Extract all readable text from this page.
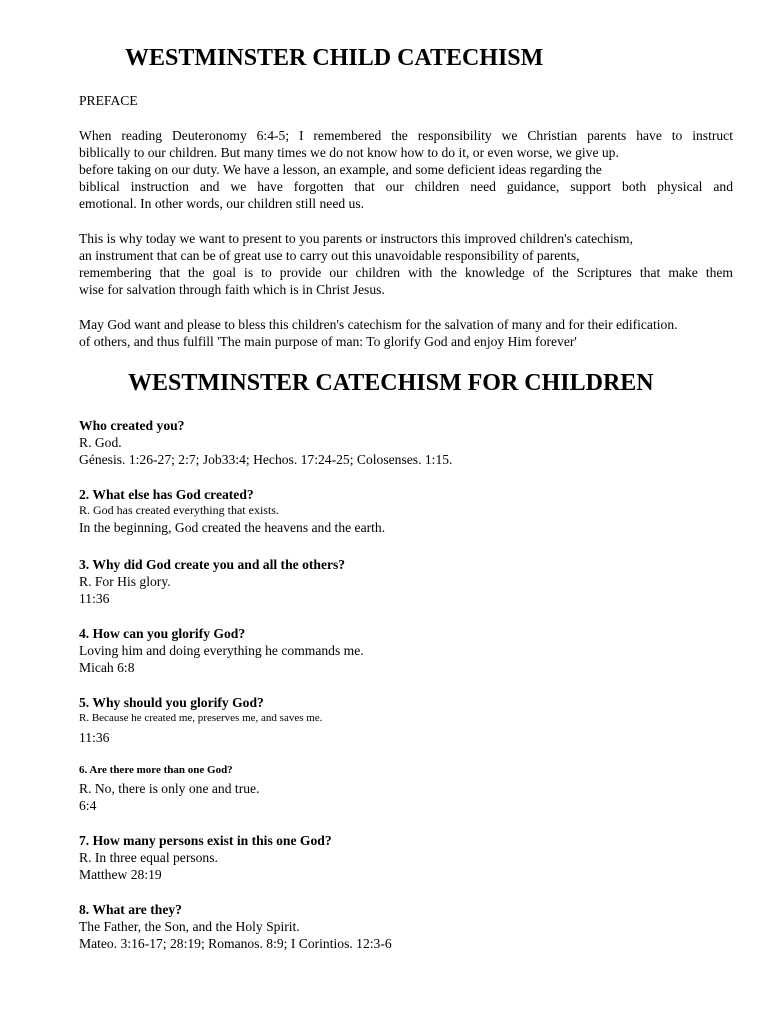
WESTMINSTER CHILD CATECHISM

PREFACE

When reading Deuteronomy 6:4-5; I remembered the responsibility we Christian parents have to instruct

biblically to our children. But many times we do not know how to do it, or even worse, we give up.

before taking on our duty. We have a lesson, an example, and some deficient ideas regarding the

biblical instruction and we have forgotten that our children need guidance, support both physical and

emotional. In other words, our children still need us.

This is why today we want to present to you parents or instructors this improved children's catechism,

an instrument that can be of great use to carry out this unavoidable responsibility of parents,

remembering that the goal is to provide our children with the knowledge of the Scriptures that make them

wise for salvation through faith which is in Christ Jesus.

May God want and please to bless this children's catechism for the salvation of many and for their edification.

of others, and thus fulfill 'The main purpose of man: To glorify God and enjoy Him forever'

WESTMINSTER CATECHISM FOR CHILDREN

Who created you?

R. God.

Génesis. 1:26-27; 2:7; Job33:4; Hechos. 17:24-25; Colosenses. 1:15.

2. What else has God created?

R. God has created everything that exists.

In the beginning, God created the heavens and the earth.

3. Why did God create you and all the others?

R. For His glory.

11:36

4. How can you glorify God?

Loving him and doing everything he commands me.

Micah 6:8

5. Why should you glorify God?

R. Because he created me, preserves me, and saves me.

11:36

6. Are there more than one God?

R. No, there is only one and true.

6:4

7. How many persons exist in this one God?

R. In three equal persons.

Matthew 28:19

8. What are they?

The Father, the Son, and the Holy Spirit.

Mateo. 3:16-17; 28:19; Romanos. 8:9; I Corintios. 12:3-6
